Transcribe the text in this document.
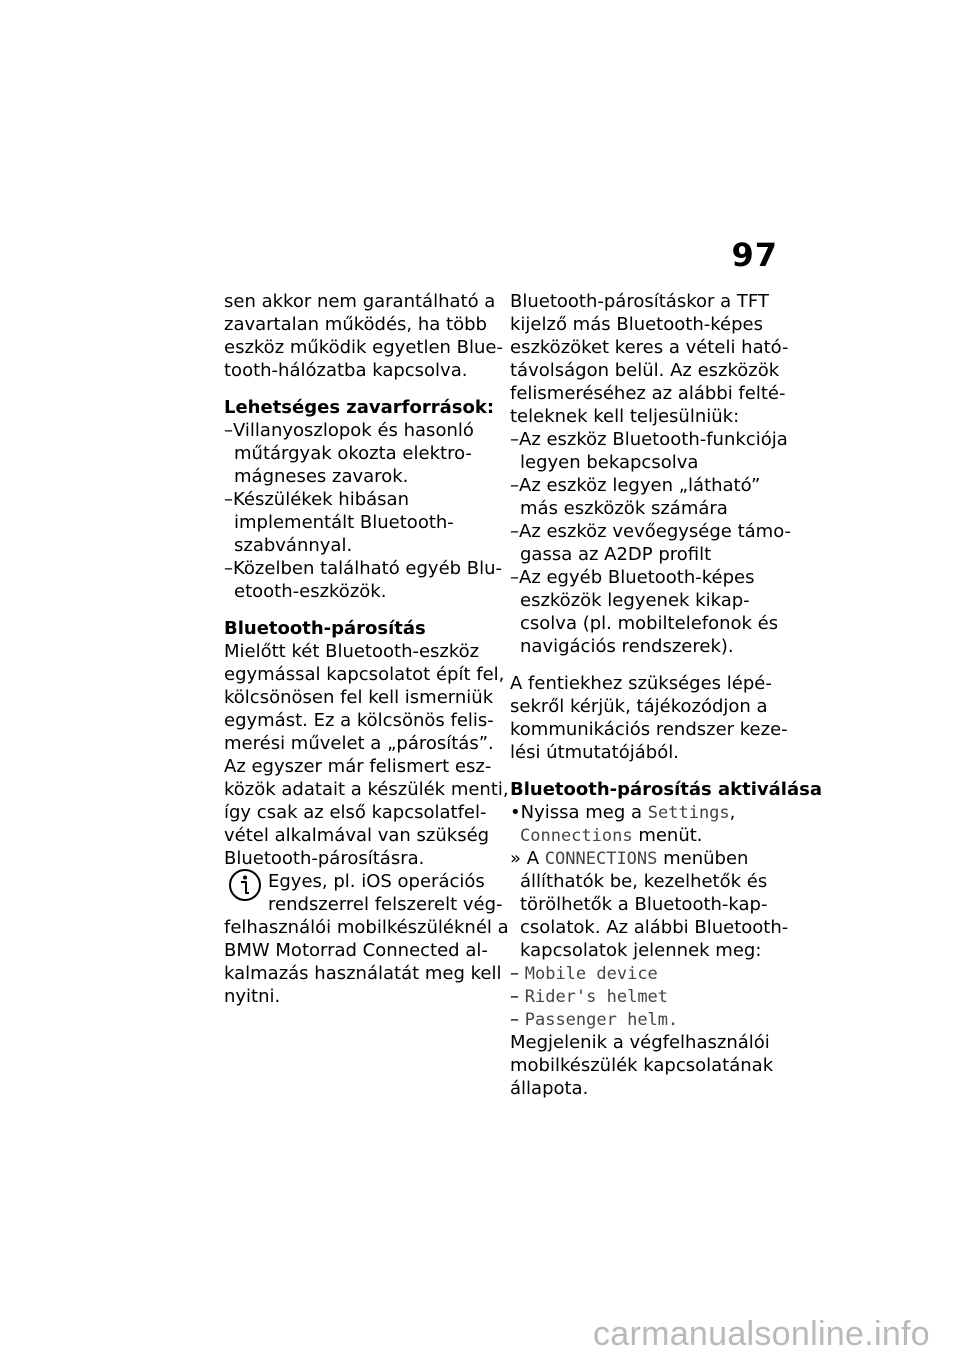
97
sen akkor nem garantálható a
zavartalan működés, ha több
eszköz működik egyetlen Blue-
tooth-hálózatba kapcsolva.
Lehetséges zavarforrások:
–Villanyoszlopok és hasonló
műtárgyak okozta elektro-
mágneses zavarok.
–Készülékek hibásan
implementált Bluetooth-
szabvánnyal.
–Közelben található egyéb Blu-
etooth-eszközök.
Bluetooth-párosítás
Mielőtt két Bluetooth-eszköz
egymással kapcsolatot épít fel,
kölcsönösen fel kell ismerniük
egymást. Ez a kölcsönös felis-
merési művelet a „párosítás”.
Az egyszer már felismert esz-
közök adatait a készülék menti,
így csak az első kapcsolatfel-
vétel alkalmával van szükség
Bluetooth-párosításra.
Egyes, pl. iOS operációs
rendszerrel felszerelt vég-
felhasználói mobilkészüléknél a
BMW Motorrad Connected al-
kalmazás használatát meg kell
nyitni.
Bluetooth-párosításkor a TFT
kijelző más Bluetooth-képes
eszközöket keres a vételi ható-
távolságon belül. Az eszközök
felismeréséhez az alábbi felté-
teleknek kell teljesülniük:
–Az eszköz Bluetooth-funkciója
legyen bekapcsolva
–Az eszköz legyen „látható”
más eszközök számára
–Az eszköz vevőegysége támo-
gassa az A2DP profilt
–Az egyéb Bluetooth-képes
eszközök legyenek kikap-
csolva (pl. mobiltelefonok és
navigációs rendszerek).
A fentiekhez szükséges lépé-
sekről kérjük, tájékozódjon a
kommunikációs rendszer keze-
lési útmutatójából.
Bluetooth-párosítás aktiválása
•Nyissa meg a Settings,
Connections menüt.
» A CONNECTIONS menüben
állíthatók be, kezelhetők és
törölhetők a Bluetooth-kap-
csolatok. Az alábbi Bluetooth-
kapcsolatok jelennek meg:
– Mobile device
– Rider's helmet
– Passenger helm.
Megjelenik a végfelhasználói
mobilkészülék kapcsolatának
állapota.
carmanualsonline.info
